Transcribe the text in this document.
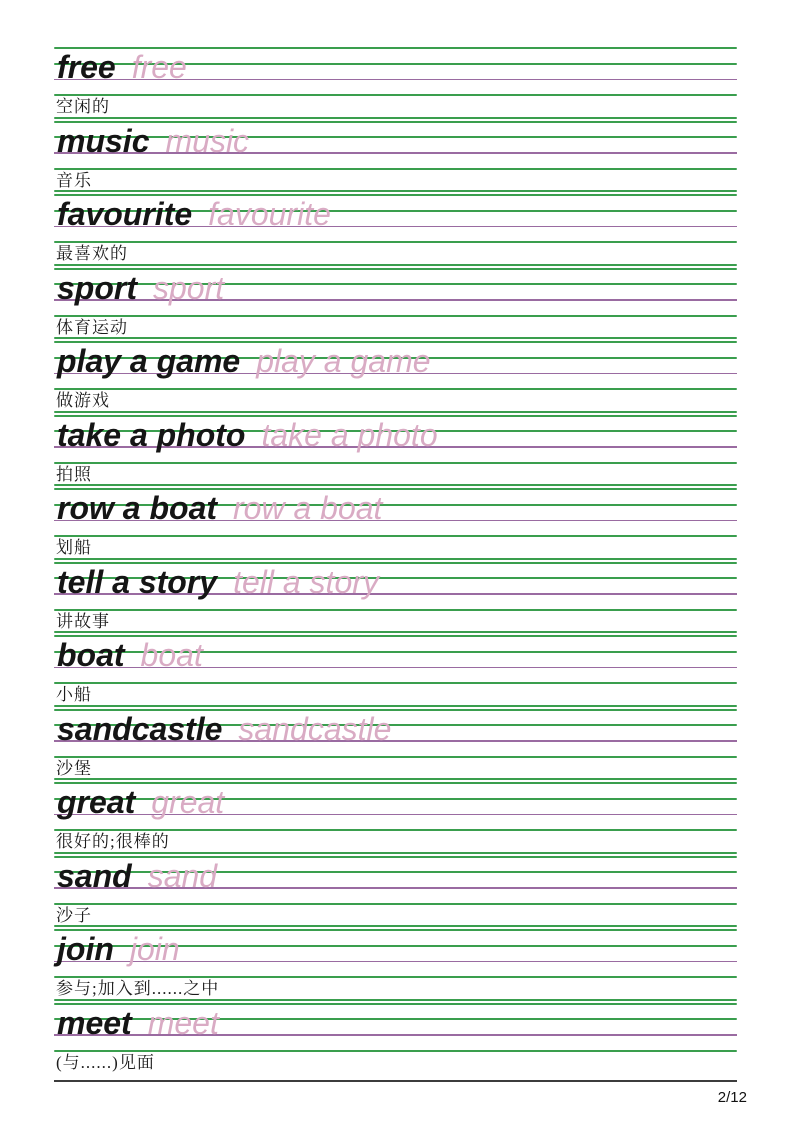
free free
空闲的
music music
音乐
favourite favourite
最喜欢的
sport sport
体育运动
play a game play a game
做游戏
take a photo take a photo
拍照
row a boat row a boat
划船
tell a story tell a story
讲故事
boat boat
小船
sandcastle sandcastle
沙堡
great great
很好的;很棒的
sand sand
沙子
join join
参与;加入到......之中
meet meet
(与......)见面
2/12
